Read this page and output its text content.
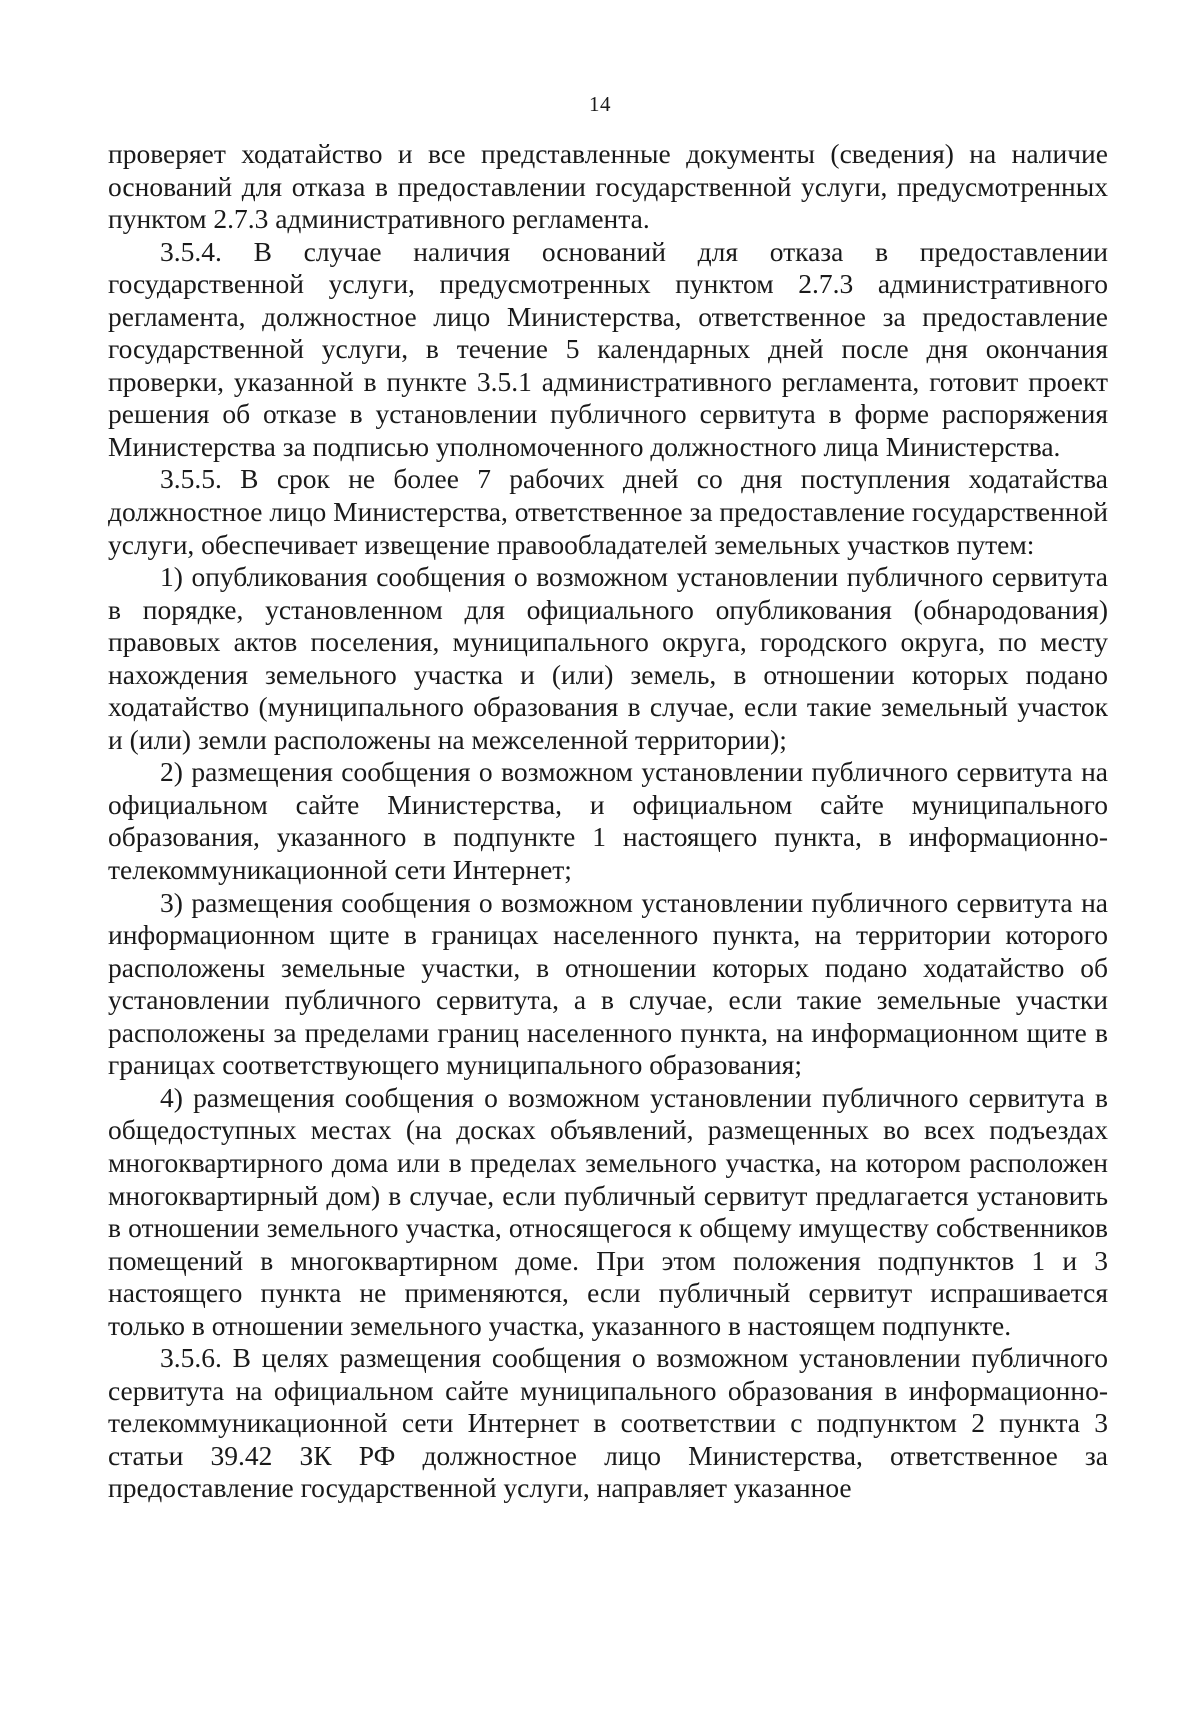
14

проверяет ходатайство и все представленные документы (сведения) на наличие оснований для отказа в предоставлении государственной услуги, предусмотренных пунктом 2.7.3 административного регламента.

3.5.4. В случае наличия оснований для отказа в предоставлении государственной услуги, предусмотренных пунктом 2.7.3 административного регламента, должностное лицо Министерства, ответственное за предоставление государственной услуги, в течение 5 календарных дней после дня окончания проверки, указанной в пункте 3.5.1 административного регламента, готовит проект решения об отказе в установлении публичного сервитута в форме распоряжения Министерства за подписью уполномоченного должностного лица Министерства.

3.5.5. В срок не более 7 рабочих дней со дня поступления ходатайства должностное лицо Министерства, ответственное за предоставление государственной услуги, обеспечивает извещение правообладателей земельных участков путем:

1) опубликования сообщения о возможном установлении публичного сервитута в порядке, установленном для официального опубликования (обнародования) правовых актов поселения, муниципального округа, городского округа, по месту нахождения земельного участка и (или) земель, в отношении которых подано ходатайство (муниципального образования в случае, если такие земельный участок и (или) земли расположены на межселенной территории);

2) размещения сообщения о возможном установлении публичного сервитута на официальном сайте Министерства, и официальном сайте муниципального образования, указанного в подпункте 1 настоящего пункта, в информационно-телекоммуникационной сети Интернет;

3) размещения сообщения о возможном установлении публичного сервитута на информационном щите в границах населенного пункта, на территории которого расположены земельные участки, в отношении которых подано ходатайство об установлении публичного сервитута, а в случае, если такие земельные участки расположены за пределами границ населенного пункта, на информационном щите в границах соответствующего муниципального образования;

4) размещения сообщения о возможном установлении публичного сервитута в общедоступных местах (на досках объявлений, размещенных во всех подъездах многоквартирного дома или в пределах земельного участка, на котором расположен многоквартирный дом) в случае, если публичный сервитут предлагается установить в отношении земельного участка, относящегося к общему имуществу собственников помещений в многоквартирном доме. При этом положения подпунктов 1 и 3 настоящего пункта не применяются, если публичный сервитут испрашивается только в отношении земельного участка, указанного в настоящем подпункте.

3.5.6. В целях размещения сообщения о возможном установлении публичного сервитута на официальном сайте муниципального образования в информационно-телекоммуникационной сети Интернет в соответствии с подпунктом 2 пункта 3 статьи 39.42 ЗК РФ должностное лицо Министерства, ответственное за предоставление государственной услуги, направляет указанное
